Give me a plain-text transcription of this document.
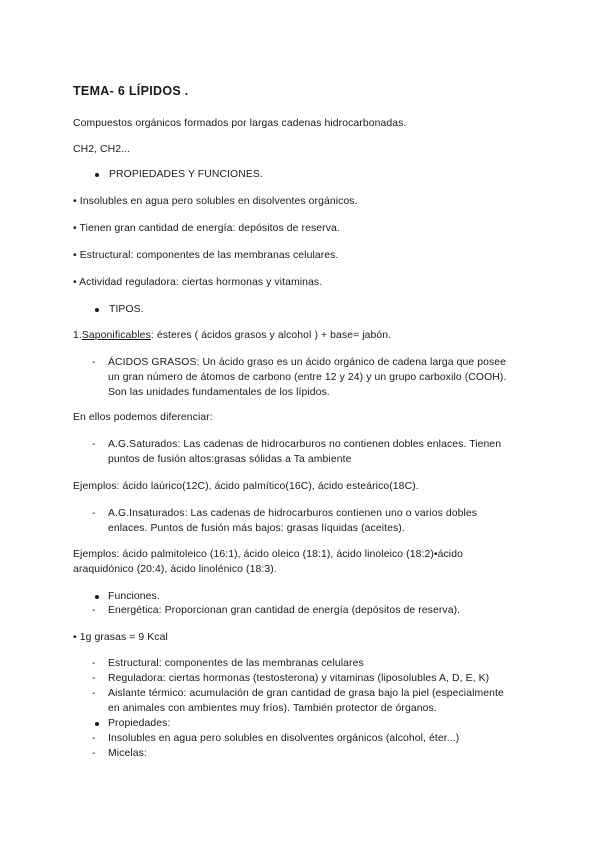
TEMA- 6 LÍPIDOS .
Compuestos orgánicos formados por largas cadenas hidrocarbonadas.
CH2, CH2...
PROPIEDADES Y FUNCIONES.
• Insolubles en agua pero solubles en disolventes orgánicos.
• Tienen gran cantidad de energía: depósitos de reserva.
• Estructural: componentes de las membranas celulares.
• Actividad reguladora: ciertas hormonas y vitaminas.
TIPOS.
1.Saponificables: ésteres ( ácidos grasos y alcohol ) + base= jabón.
- ÁCIDOS GRASOS: Un ácido graso es un ácido orgánico de cadena larga que posee
un gran número de átomos de carbono (entre 12 y 24) y un grupo carboxilo (COOH).
Son las unidades fundamentales de los lípidos.
En ellos podemos diferenciar:
- A.G.Saturados: Las cadenas de hidrocarburos no contienen dobles enlaces. Tienen
puntos de fusión altos:grasas sólidas a Ta ambiente
Ejemplos: ácido laúrico(12C), ácido palmítico(16C), ácido esteárico(18C).
- A.G.Insaturados: Las cadenas de hidrocarburos contienen uno o varios dobles
enlaces. Puntos de fusión más bajos: grasas líquidas (aceites).
Ejemplos: ácido palmitoleico (16:1), ácido oleico (18:1), ácido linoleico (18:2)•ácido
araquidónico (20:4), ácido linolénico (18:3).
Funciones.
- Energética: Proporcionan gran cantidad de energía (depósitos de reserva).
• 1g grasas = 9 Kcal
- Estructural: componentes de las membranas celulares
- Reguladora: ciertas hormonas (testosterona) y vitaminas (liposolubles A, D, E, K)
- Aislante térmico: acumulación de gran cantidad de grasa bajo la piel (especialmente
en animales con ambientes muy fríos). También protector de órganos.
Propiedades:
- Insolubles en agua pero solubles en disolventes orgánicos (alcohol, éter...)
- Micelas:
